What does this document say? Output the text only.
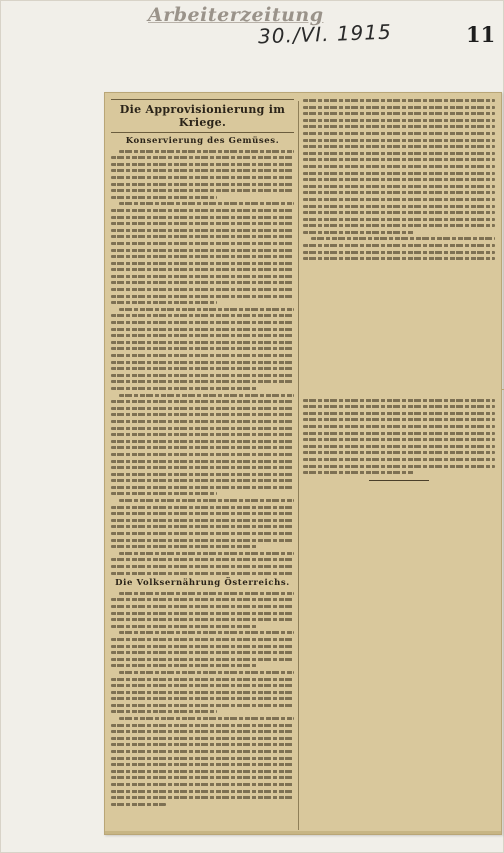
Arbeiterzeitung
30./VI. 1915	11
Die Approvisionierung im Kriege.
Konservierung des Gemüses.
Die Volksernährung Österreichs.
